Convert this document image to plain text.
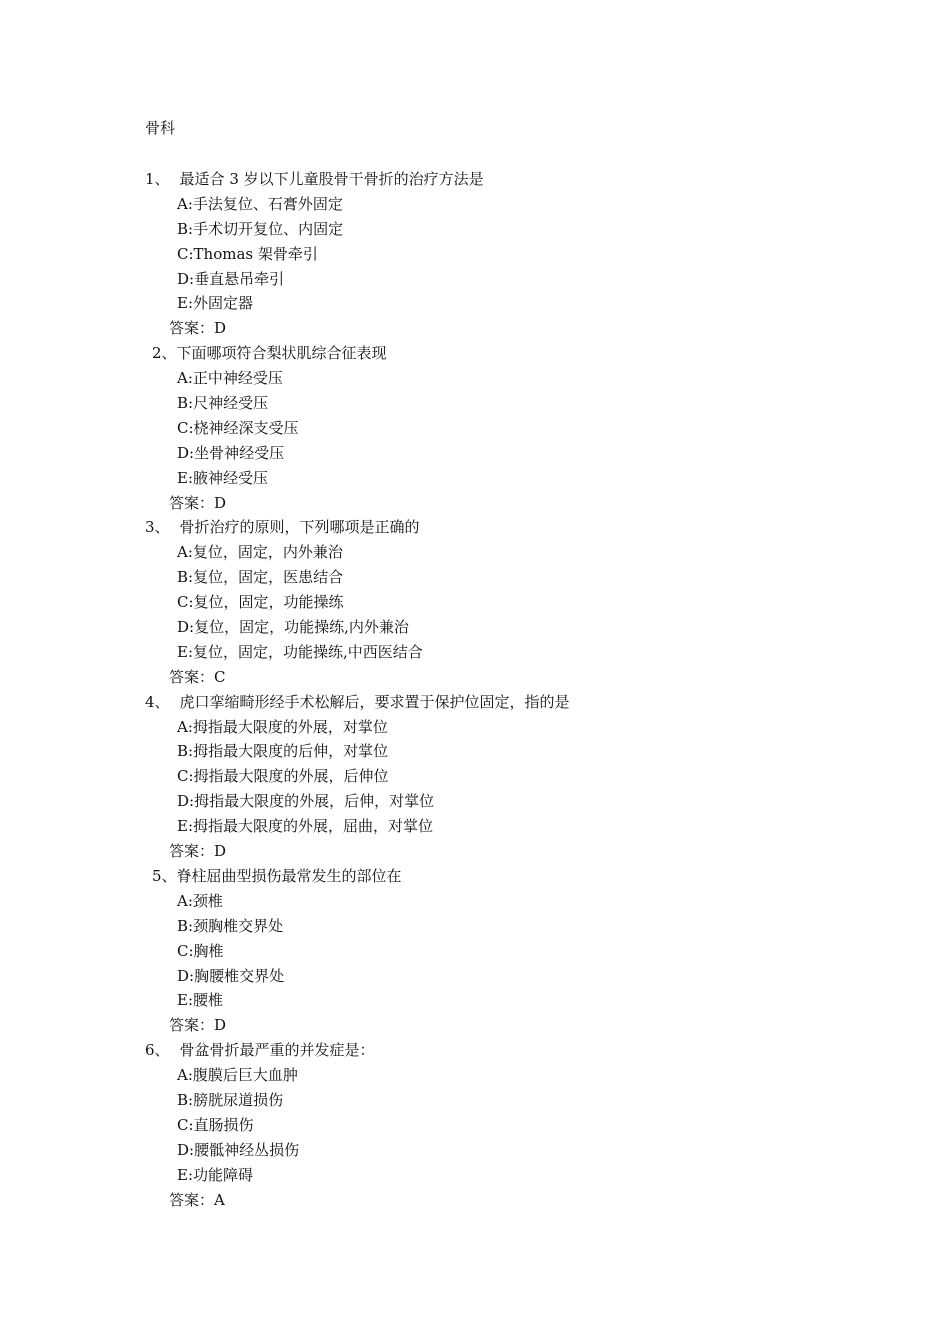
骨科
1、 最适合 3 岁以下儿童股骨干骨折的治疗方法是
A:手法复位、石膏外固定
B:手术切开复位、内固定
C:Thomas 架骨牵引
D:垂直悬吊牵引
E:外固定器
答案：D
2、下面哪项符合梨状肌综合征表现
A:正中神经受压
B:尺神经受压
C:桡神经深支受压
D:坐骨神经受压
E:腋神经受压
答案：D
3、 骨折治疗的原则，下列哪项是正确的
A:复位，固定，内外兼治
B:复位，固定，医患结合
C:复位，固定，功能操练
D:复位，固定，功能操练,内外兼治
E:复位，固定，功能操练,中西医结合
答案：C
4、 虎口挛缩畸形经手术松解后，要求置于保护位固定，指的是
A:拇指最大限度的外展，对掌位
B:拇指最大限度的后伸，对掌位
C:拇指最大限度的外展，后伸位
D:拇指最大限度的外展，后伸，对掌位
E:拇指最大限度的外展，屈曲，对掌位
答案：D
5、脊柱屈曲型损伤最常发生的部位在
A:颈椎
B:颈胸椎交界处
C:胸椎
D:胸腰椎交界处
E:腰椎
答案：D
6、 骨盆骨折最严重的并发症是：
A:腹膜后巨大血肿
B:膀胱尿道损伤
C:直肠损伤
D:腰骶神经丛损伤
E:功能障碍
答案：A
